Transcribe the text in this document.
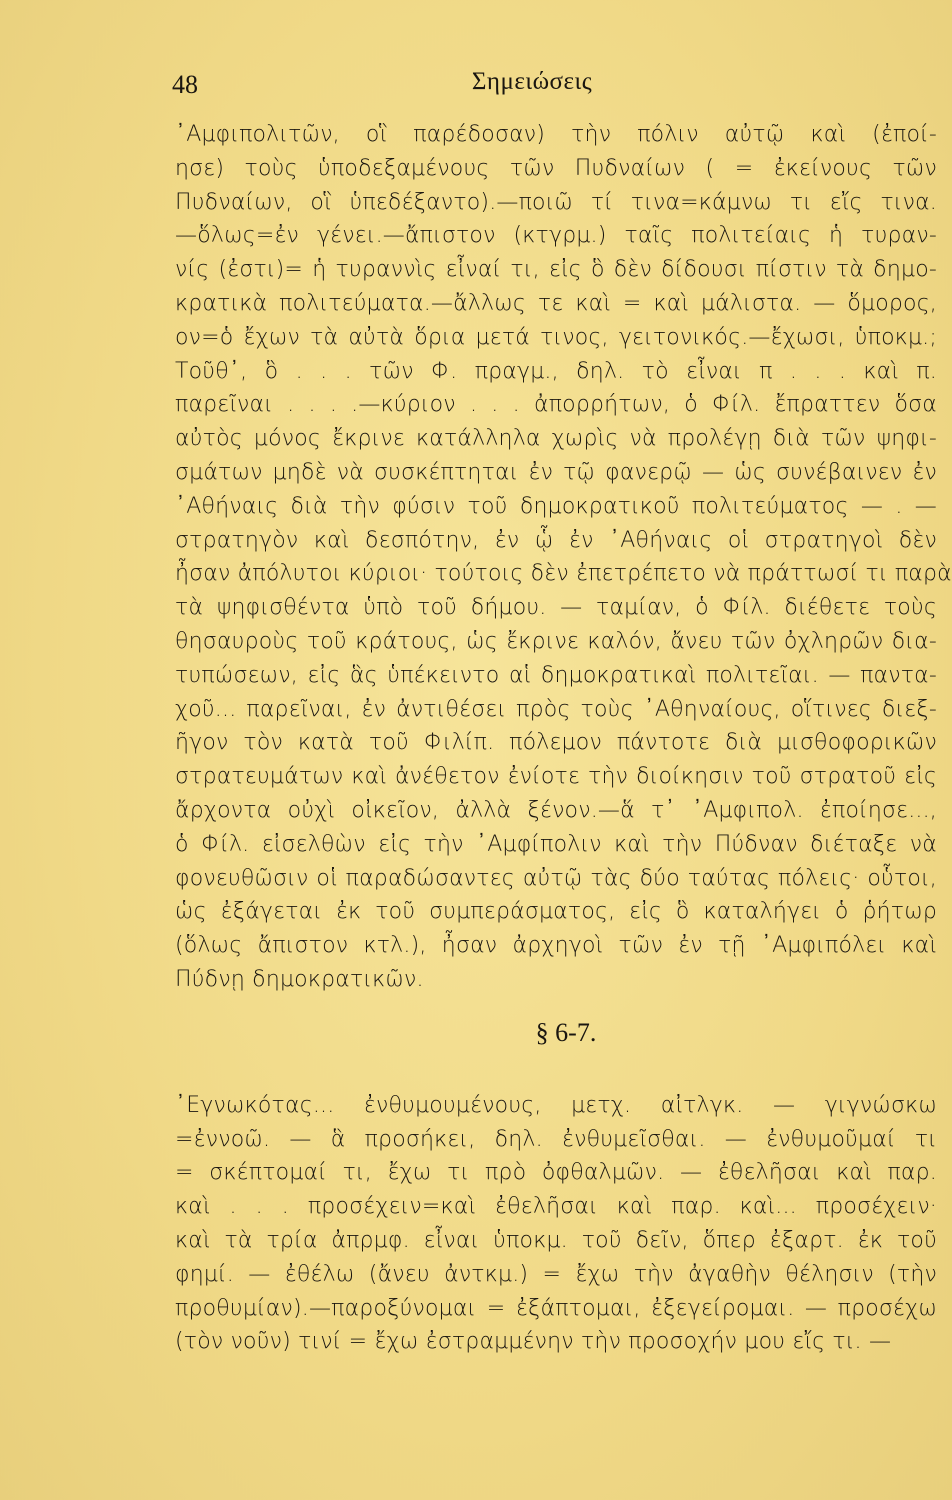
48	Σημειώσεις
᾿Αμφιπολιτῶν, οἳ παρέδοσαν) τὴν πόλιν αὐτῷ καὶ (ἐποί-
ησε) τοὺς ὑποδεξαμένους τῶν Πυδναίων ( = ἐκείνους τῶν
Πυδναίων, οἳ ὑπεδέξαντο).—ποιῶ τί τινα=κάμνω τι εἴς τινα.
—ὅλως=ἐν γένει.—ἄπιστον (κτγρμ.) ταῖς πολιτείαις ἡ τυραν-
νίς (ἐστι)= ἡ τυραννὶς εἶναί τι, εἰς ὃ δὲν δίδουσι πίστιν τὰ δημο-
κρατικὰ πολιτεύματα.—ἄλλως τε καὶ = καὶ μάλιστα. — ὅμορος,
ον=ὁ ἔχων τὰ αὐτὰ ὅρια μετά τινος, γειτονικός.—ἔχωσι, ὑποκμ.;
Τοῦθ᾽, ὃ . . . τῶν Φ. πραγμ., δηλ. τὸ εἶναι π . . . καὶ π.
παρεῖναι . . . .—κύριον . . . ἀπορρήτων, ὁ Φίλ. ἔπραττεν ὅσα
αὐτὸς μόνος ἔκρινε κατάλληλα χωρὶς νὰ προλέγῃ διὰ τῶν ψηφι-
σμάτων μηδὲ νὰ συσκέπτηται ἐν τῷ φανερῷ — ὡς συνέβαινεν ἐν
᾿Αθήναις διὰ τὴν φύσιν τοῦ δημοκρατικοῦ πολιτεύματος — . —
στρατηγὸν καὶ δεσπότην, ἐν ᾧ ἐν ᾿Αθήναις οἱ στρατηγοὶ δὲν
ἦσαν ἀπόλυτοι κύριοι· τούτοις δὲν ἐπετρέπετο νὰ πράττωσί τι παρὰ
τὰ ψηφισθέντα ὑπὸ τοῦ δήμου. — ταμίαν, ὁ Φίλ. διέθετε τοὺς
θησαυροὺς τοῦ κράτους, ὡς ἔκρινε καλόν, ἄνευ τῶν ὀχληρῶν δια-
τυπώσεων, εἰς ἃς ὑπέκειντο αἱ δημοκρατικαὶ πολιτεῖαι. — παντα-
χοῦ... παρεῖναι, ἐν ἀντιθέσει πρὸς τοὺς ᾿Αθηναίους, οἵτινες διεξ-
ῆγον τὸν κατὰ τοῦ Φιλίπ. πόλεμον πάντοτε διὰ μισθοφορικῶν
στρατευμάτων καὶ ἀνέθετον ἐνίοτε τὴν διοίκησιν τοῦ στρατοῦ εἰς
ἄρχοντα οὐχὶ οἰκεῖον, ἀλλὰ ξένον.—ἅ τ᾽ ᾿Αμφιπολ. ἐποίησε...,
ὁ Φίλ. εἰσελθὼν εἰς τὴν ᾿Αμφίπολιν καὶ τὴν Πύδναν διέταξε νὰ
φονευθῶσιν οἱ παραδώσαντες αὐτῷ τὰς δύο ταύτας πόλεις· οὗτοι,
ὡς ἐξάγεται ἐκ τοῦ συμπεράσματος, εἰς ὃ καταλήγει ὁ ῥήτωρ
(ὅλως ἄπιστον κτλ.), ἦσαν ἀρχηγοὶ τῶν ἐν τῇ ᾿Αμφιπόλει καὶ
Πύδνῃ δημοκρατικῶν.
§ 6-7.
᾿Εγνωκότας... ἐνθυμουμένους, μετχ. αἰτλγκ. — γιγνώσκω
=ἐννοῶ. — ἃ προσήκει, δηλ. ἐνθυμεῖσθαι. — ἐνθυμοῦμαί τι
= σκέπτομαί τι, ἔχω τι πρὸ ὀφθαλμῶν. — ἐθελῆσαι καὶ παρ.
καὶ . . . προσέχειν=καὶ ἐθελῆσαι καὶ παρ. καὶ... προσέχειν·
καὶ τὰ τρία ἀπρμφ. εἶναι ὑποκμ. τοῦ δεῖν, ὅπερ ἐξαρτ. ἐκ τοῦ
φημί. — ἐθέλω (ἄνευ ἀντκμ.) = ἔχω τὴν ἀγαθὴν θέλησιν (τὴν
προθυμίαν).—παροξύνομαι = ἐξάπτομαι, ἐξεγείρομαι. — προσέχω
(τὸν νοῦν) τινί = ἔχω ἐστραμμένην τὴν προσοχήν μου εἴς τι. —
